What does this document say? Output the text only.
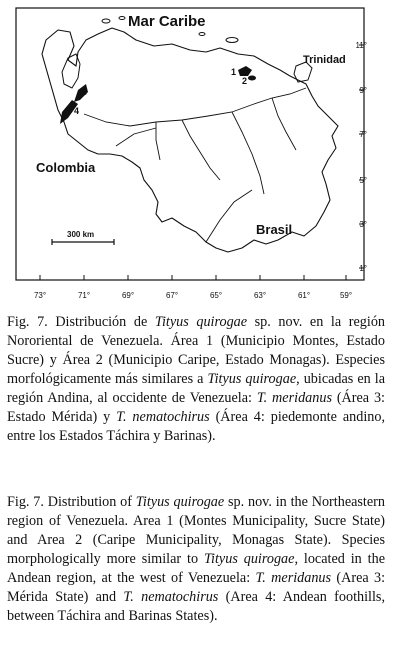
73°	71°	69°	67°	65°	63°	61°	59°
11°
9°
7°
5°
3°
1°
1
2
3
4
Mar Caribe
Trinidad
Colombia
Brasil
300 km
Fig. 7. Distribución de Tityus quirogae sp. nov. en la región Nororiental de Venezuela. Área 1 (Municipio Montes, Estado Sucre) y Área 2 (Municipio Caripe, Estado Monagas). Especies morfológicamente más similares a Tityus quirogae, ubicadas en la región Andina, al occidente de Venezuela: T. meridanus (Área 3: Estado Mérida) y T. nematochirus (Área 4: piedemonte andino, entre los Estados Táchira y Barinas).
Fig. 7. Distribution of Tityus quirogae sp. nov. in the Northeastern region of Venezuela. Area 1 (Montes Municipality, Sucre State) and Area 2 (Caripe Municipality, Monagas State). Species morphologically more similar to Tityus quirogae, located in the Andean region, at the west of Venezuela: T. meridanus (Area 3: Mérida State) and T. nematochirus (Area 4: Andean foothills, between Táchira and Barinas States).
